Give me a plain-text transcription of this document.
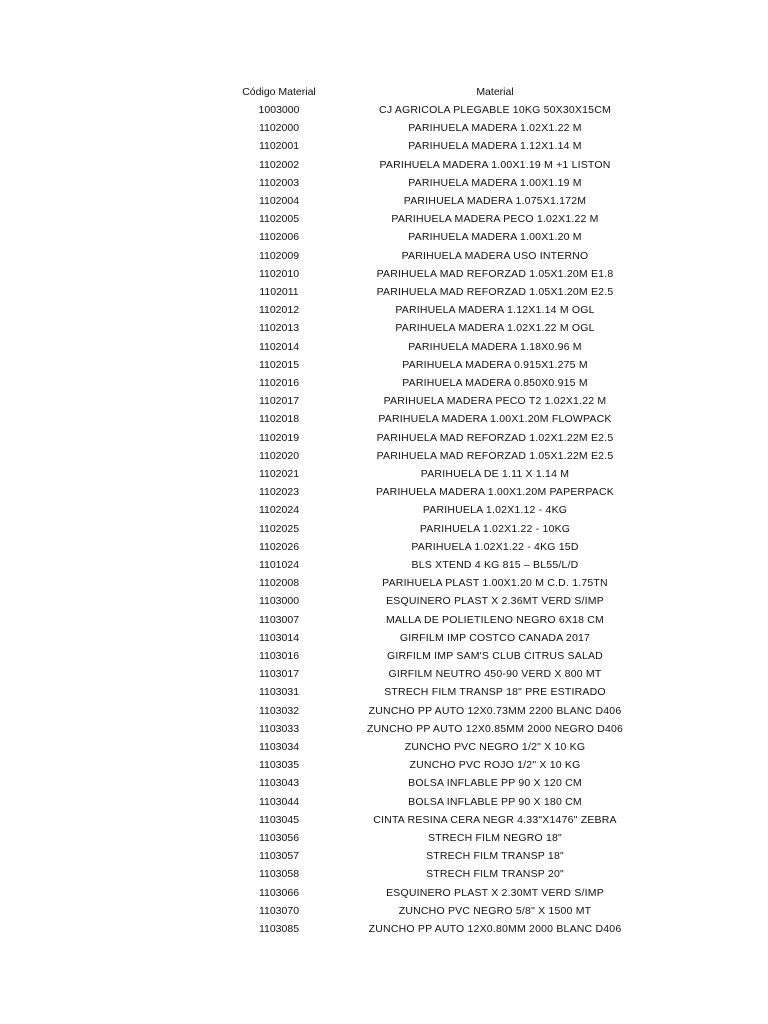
Código Material	Material
1003000	CJ AGRICOLA PLEGABLE 10KG 50X30X15CM
1102000	PARIHUELA MADERA 1.02X1.22 M
1102001	PARIHUELA MADERA 1.12X1.14 M
1102002	PARIHUELA MADERA 1.00X1.19 M +1 LISTON
1102003	PARIHUELA MADERA 1.00X1.19 M
1102004	PARIHUELA MADERA 1.075X1.172M
1102005	PARIHUELA MADERA PECO 1.02X1.22 M
1102006	PARIHUELA MADERA 1.00X1.20 M
1102009	PARIHUELA MADERA USO INTERNO
1102010	PARIHUELA MAD REFORZAD 1.05X1.20M E1.8
1102011	PARIHUELA MAD REFORZAD 1.05X1.20M E2.5
1102012	PARIHUELA MADERA 1.12X1.14 M OGL
1102013	PARIHUELA MADERA 1.02X1.22 M OGL
1102014	PARIHUELA MADERA 1.18X0.96 M
1102015	PARIHUELA MADERA 0.915X1.275 M
1102016	PARIHUELA MADERA 0.850X0.915 M
1102017	PARIHUELA MADERA PECO T2 1.02X1.22 M
1102018	PARIHUELA MADERA 1.00X1.20M FLOWPACK
1102019	PARIHUELA MAD REFORZAD 1.02X1.22M E2.5
1102020	PARIHUELA MAD REFORZAD 1.05X1.22M E2.5
1102021	PARIHUELA DE 1.11 X 1.14 M
1102023	PARIHUELA MADERA 1.00X1.20M PAPERPACK
1102024	PARIHUELA 1.02X1.12 - 4KG
1102025	PARIHUELA 1.02X1.22 - 10KG
1102026	PARIHUELA 1.02X1.22 - 4KG 15D
1101024	BLS XTEND 4 KG 815 – BL55/L/D
1102008	PARIHUELA PLAST 1.00X1.20 M C.D. 1.75TN
1103000	ESQUINERO PLAST X 2.36MT VERD S/IMP
1103007	MALLA DE POLIETILENO NEGRO 6X18 CM
1103014	GIRFILM IMP COSTCO CANADA 2017
1103016	GIRFILM IMP SAM'S CLUB CITRUS SALAD
1103017	GIRFILM NEUTRO 450-90 VERD X 800 MT
1103031	STRECH FILM TRANSP 18" PRE ESTIRADO
1103032	ZUNCHO PP AUTO 12X0.73MM 2200 BLANC D406
1103033	ZUNCHO PP AUTO 12X0.85MM 2000 NEGRO D406
1103034	ZUNCHO PVC NEGRO 1/2" X 10 KG
1103035	ZUNCHO PVC ROJO 1/2" X 10 KG
1103043	BOLSA INFLABLE PP 90 X 120 CM
1103044	BOLSA INFLABLE PP 90 X 180 CM
1103045	CINTA RESINA CERA NEGR 4.33"X1476" ZEBRA
1103056	STRECH FILM NEGRO 18"
1103057	STRECH FILM TRANSP 18"
1103058	STRECH FILM TRANSP 20"
1103066	ESQUINERO PLAST X 2.30MT VERD S/IMP
1103070	ZUNCHO PVC NEGRO 5/8" X 1500 MT
1103085	ZUNCHO PP AUTO 12X0.80MM 2000 BLANC D406
